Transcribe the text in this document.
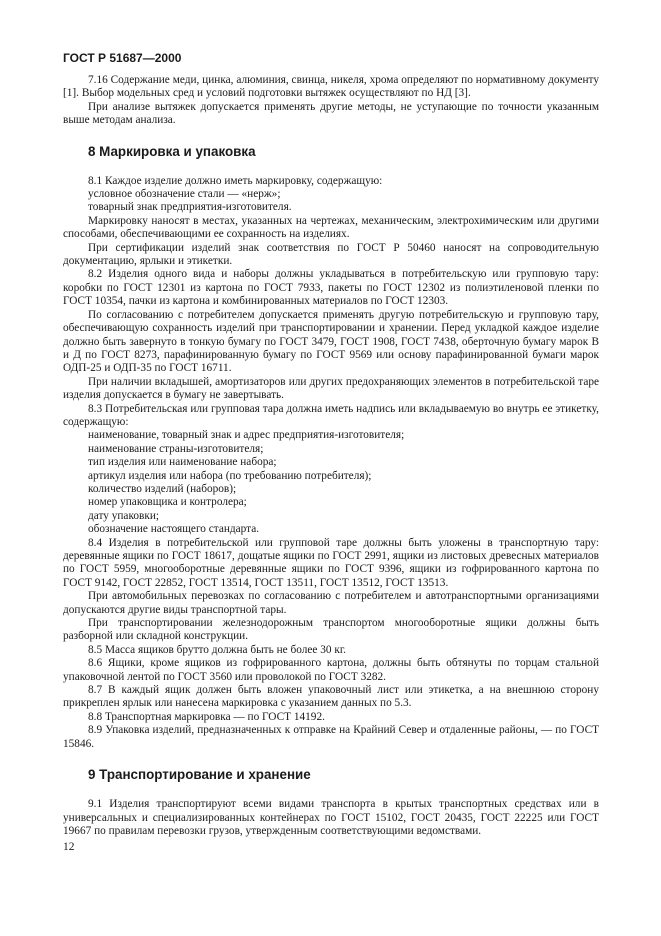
ГОСТ Р 51687—2000

7.16 Содержание меди, цинка, алюминия, свинца, никеля, хрома определяют по нормативному документу [1]. Выбор модельных сред и условий подготовки вытяжек осуществляют по НД [3].

При анализе вытяжек допускается применять другие методы, не уступающие по точности указанным выше методам анализа.

8 Маркировка и упаковка

8.1 Каждое изделие должно иметь маркировку, содержащую:

условное обозначение стали — «нерж»;

товарный знак предприятия-изготовителя.

Маркировку наносят в местах, указанных на чертежах, механическим, электрохимическим или другими способами, обеспечивающими ее сохранность на изделиях.

При сертификации изделий знак соответствия по ГОСТ Р 50460 наносят на сопроводительную документацию, ярлыки и этикетки.

8.2 Изделия одного вида и наборы должны укладываться в потребительскую или групповую тару: коробки по ГОСТ 12301 из картона по ГОСТ 7933, пакеты по ГОСТ 12302 из полиэтиленовой пленки по ГОСТ 10354, пачки из картона и комбинированных материалов по ГОСТ 12303.

По согласованию с потребителем допускается применять другую потребительскую и групповую тару, обеспечивающую сохранность изделий при транспортировании и хранении. Перед укладкой каждое изделие должно быть завернуто в тонкую бумагу по ГОСТ 3479, ГОСТ 1908, ГОСТ 7438, оберточную бумагу марок В и Д по ГОСТ 8273, парафинированную бумагу по ГОСТ 9569 или основу парафинированной бумаги марок ОДП-25 и ОДП-35 по ГОСТ 16711.

При наличии вкладышей, амортизаторов или других предохраняющих элементов в потребительской таре изделия допускается в бумагу не завертывать.

8.3 Потребительская или групповая тара должна иметь надпись или вкладываемую во внутрь ее этикетку, содержащую:

наименование, товарный знак и адрес предприятия-изготовителя;

наименование страны-изготовителя;

тип изделия или наименование набора;

артикул изделия или набора (по требованию потребителя);

количество изделий (наборов);

номер упаковщика и контролера;

дату упаковки;

обозначение настоящего стандарта.

8.4 Изделия в потребительской или групповой таре должны быть уложены в транспортную тару: деревянные ящики по ГОСТ 18617, дощатые ящики по ГОСТ 2991, ящики из листовых древесных материалов по ГОСТ 5959, многооборотные деревянные ящики по ГОСТ 9396, ящики из гофрированного картона по ГОСТ 9142, ГОСТ 22852, ГОСТ 13514, ГОСТ 13511, ГОСТ 13512, ГОСТ 13513.

При автомобильных перевозках по согласованию с потребителем и автотранспортными организациями допускаются другие виды транспортной тары.

При транспортировании железнодорожным транспортом многооборотные ящики должны быть разборной или складной конструкции.

8.5 Масса ящиков брутто должна быть не более 30 кг.

8.6 Ящики, кроме ящиков из гофрированного картона, должны быть обтянуты по торцам стальной упаковочной лентой по ГОСТ 3560 или проволокой по ГОСТ 3282.

8.7 В каждый ящик должен быть вложен упаковочный лист или этикетка, а на внешнюю сторону прикреплен ярлык или нанесена маркировка с указанием данных по 5.3.

8.8 Транспортная маркировка — по ГОСТ 14192.

8.9 Упаковка изделий, предназначенных к отправке на Крайний Север и отдаленные районы, — по ГОСТ 15846.

9 Транспортирование и хранение

9.1 Изделия транспортируют всеми видами транспорта в крытых транспортных средствах или в универсальных и специализированных контейнерах по ГОСТ 15102, ГОСТ 20435, ГОСТ 22225 или ГОСТ 19667 по правилам перевозки грузов, утвержденным соответствующими ведомствами.

12
